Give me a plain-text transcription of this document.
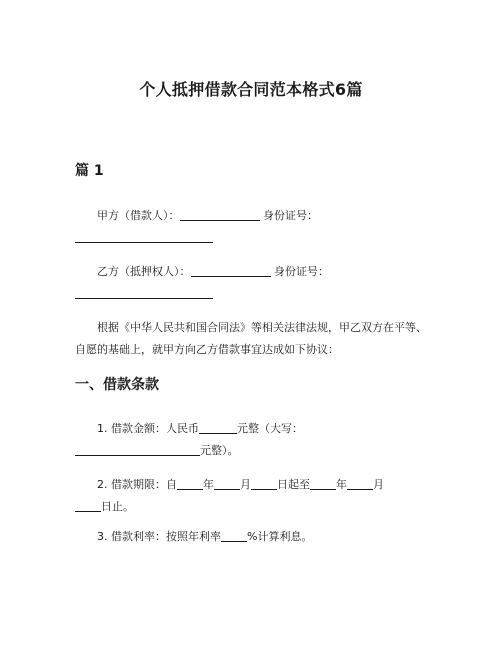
个人抵押借款合同范本格式6篇
篇 1
甲方（借款人）：	身份证号：

乙方（抵押权人）：	身份证号：

根据《中华人民共和国合同法》等相关法律法规，甲乙双方在平等、自愿的基础上，就甲方向乙方借款事宜达成如下协议：
一、借款条款
1. 借款金额：人民币	元整（大写：
元整）。
2. 借款期限：自 年 月 日起至 年 月
日止。
3. 借款利率：按照年利率 %计算利息。
